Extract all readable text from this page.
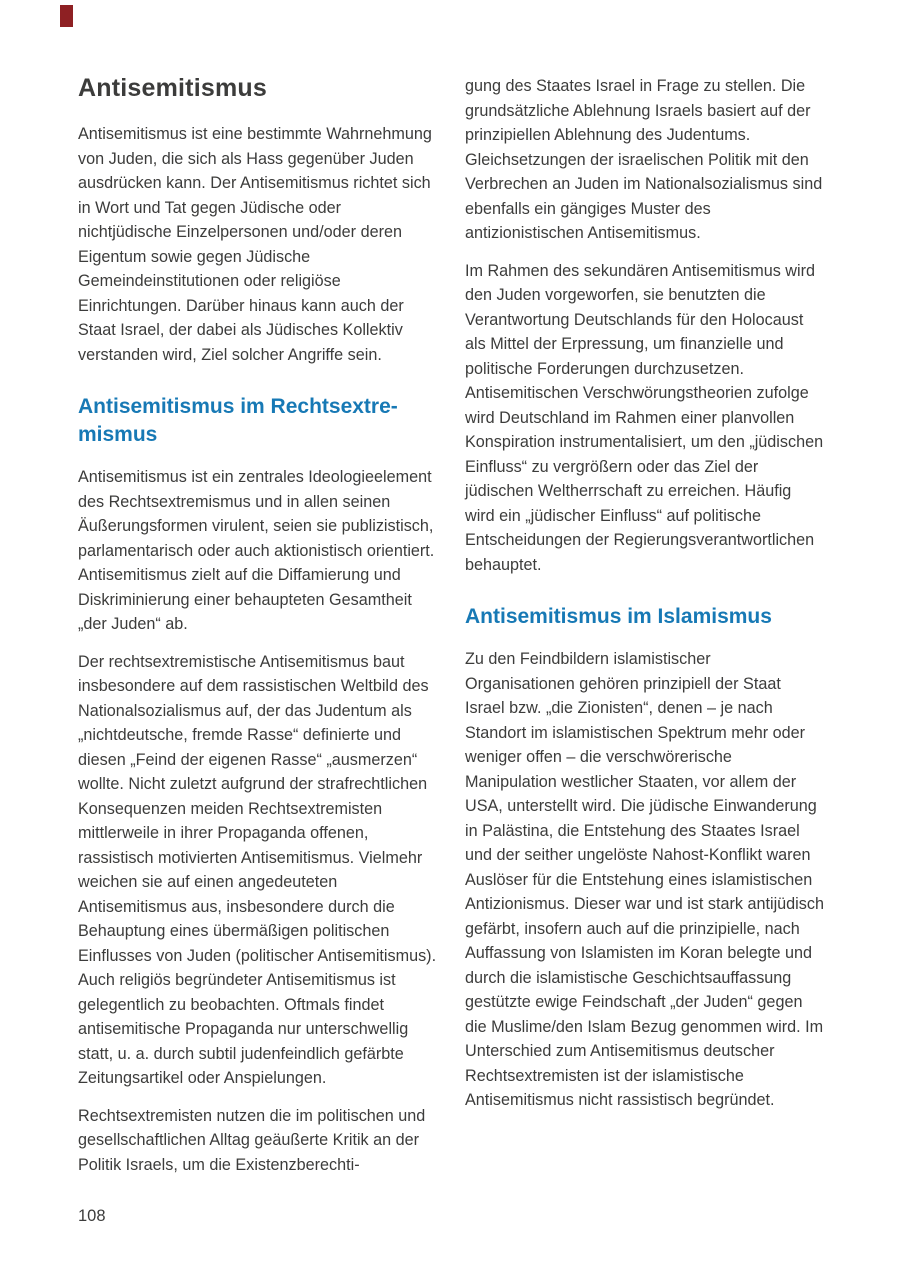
Antisemitismus

Antisemitismus ist eine bestimmte Wahrnehmung von Juden, die sich als Hass gegenüber Juden ausdrücken kann. Der Antisemitismus richtet sich in Wort und Tat gegen Jüdische oder nichtjüdische Einzelpersonen und/oder deren Eigentum sowie gegen Jüdische Gemeindeinstitutionen oder religiöse Einrichtungen. Darüber hinaus kann auch der Staat Israel, der dabei als Jüdisches Kollektiv verstanden wird, Ziel solcher Angriffe sein.

Antisemitismus im Rechtsextremismus

Antisemitismus ist ein zentrales Ideologieelement des Rechtsextremismus und in allen seinen Äußerungsformen virulent, seien sie publizistisch, parlamentarisch oder auch aktionistisch orientiert. Antisemitismus zielt auf die Diffamierung und Diskriminierung einer behaupteten Gesamtheit „der Juden“ ab.

Der rechtsextremistische Antisemitismus baut insbesondere auf dem rassistischen Weltbild des Nationalsozialismus auf, der das Judentum als „nichtdeutsche, fremde Rasse“ definierte und diesen „Feind der eigenen Rasse“ „ausmerzen“ wollte. Nicht zuletzt aufgrund der strafrechtlichen Konsequenzen meiden Rechtsextremisten mittlerweile in ihrer Propaganda offenen, rassistisch motivierten Antisemitismus. Vielmehr weichen sie auf einen angedeuteten Antisemitismus aus, insbesondere durch die Behauptung eines übermäßigen politischen Einflusses von Juden (politischer Antisemitismus). Auch religiös begründeter Antisemitismus ist gelegentlich zu beobachten. Oftmals findet antisemitische Propaganda nur unterschwellig statt, u. a. durch subtil judenfeindlich gefärbte Zeitungsartikel oder Anspielungen.

Rechtsextremisten nutzen die im politischen und gesellschaftlichen Alltag geäußerte Kritik an der Politik Israels, um die Existenzberechti-

gung des Staates Israel in Frage zu stellen. Die grundsätzliche Ablehnung Israels basiert auf der prinzipiellen Ablehnung des Judentums. Gleichsetzungen der israelischen Politik mit den Verbrechen an Juden im Nationalsozialismus sind ebenfalls ein gängiges Muster des antizionistischen Antisemitismus.

Im Rahmen des sekundären Antisemitismus wird den Juden vorgeworfen, sie benutzten die Verantwortung Deutschlands für den Holocaust als Mittel der Erpressung, um finanzielle und politische Forderungen durchzusetzen. Antisemitischen Verschwörungstheorien zufolge wird Deutschland im Rahmen einer planvollen Konspiration instrumentalisiert, um den „jüdischen Einfluss“ zu vergrößern oder das Ziel der jüdischen Weltherrschaft zu erreichen. Häufig wird ein „jüdischer Einfluss“ auf politische Entscheidungen der Regierungsverantwortlichen behauptet.

Antisemitismus im Islamismus

Zu den Feindbildern islamistischer Organisationen gehören prinzipiell der Staat Israel bzw. „die Zionisten“, denen – je nach Standort im islamistischen Spektrum mehr oder weniger offen – die verschwörerische Manipulation westlicher Staaten, vor allem der USA, unterstellt wird. Die jüdische Einwanderung in Palästina, die Entstehung des Staates Israel und der seither ungelöste Nahost-Konflikt waren Auslöser für die Entstehung eines islamistischen Antizionismus. Dieser war und ist stark antijüdisch gefärbt, insofern auch auf die prinzipielle, nach Auffassung von Islamisten im Koran belegte und durch die islamistische Geschichtsauffassung gestützte ewige Feindschaft „der Juden“ gegen die Muslime/den Islam Bezug genommen wird. Im Unterschied zum Antisemitismus deutscher Rechtsextremisten ist der islamistische Antisemitismus nicht rassistisch begründet.

108
